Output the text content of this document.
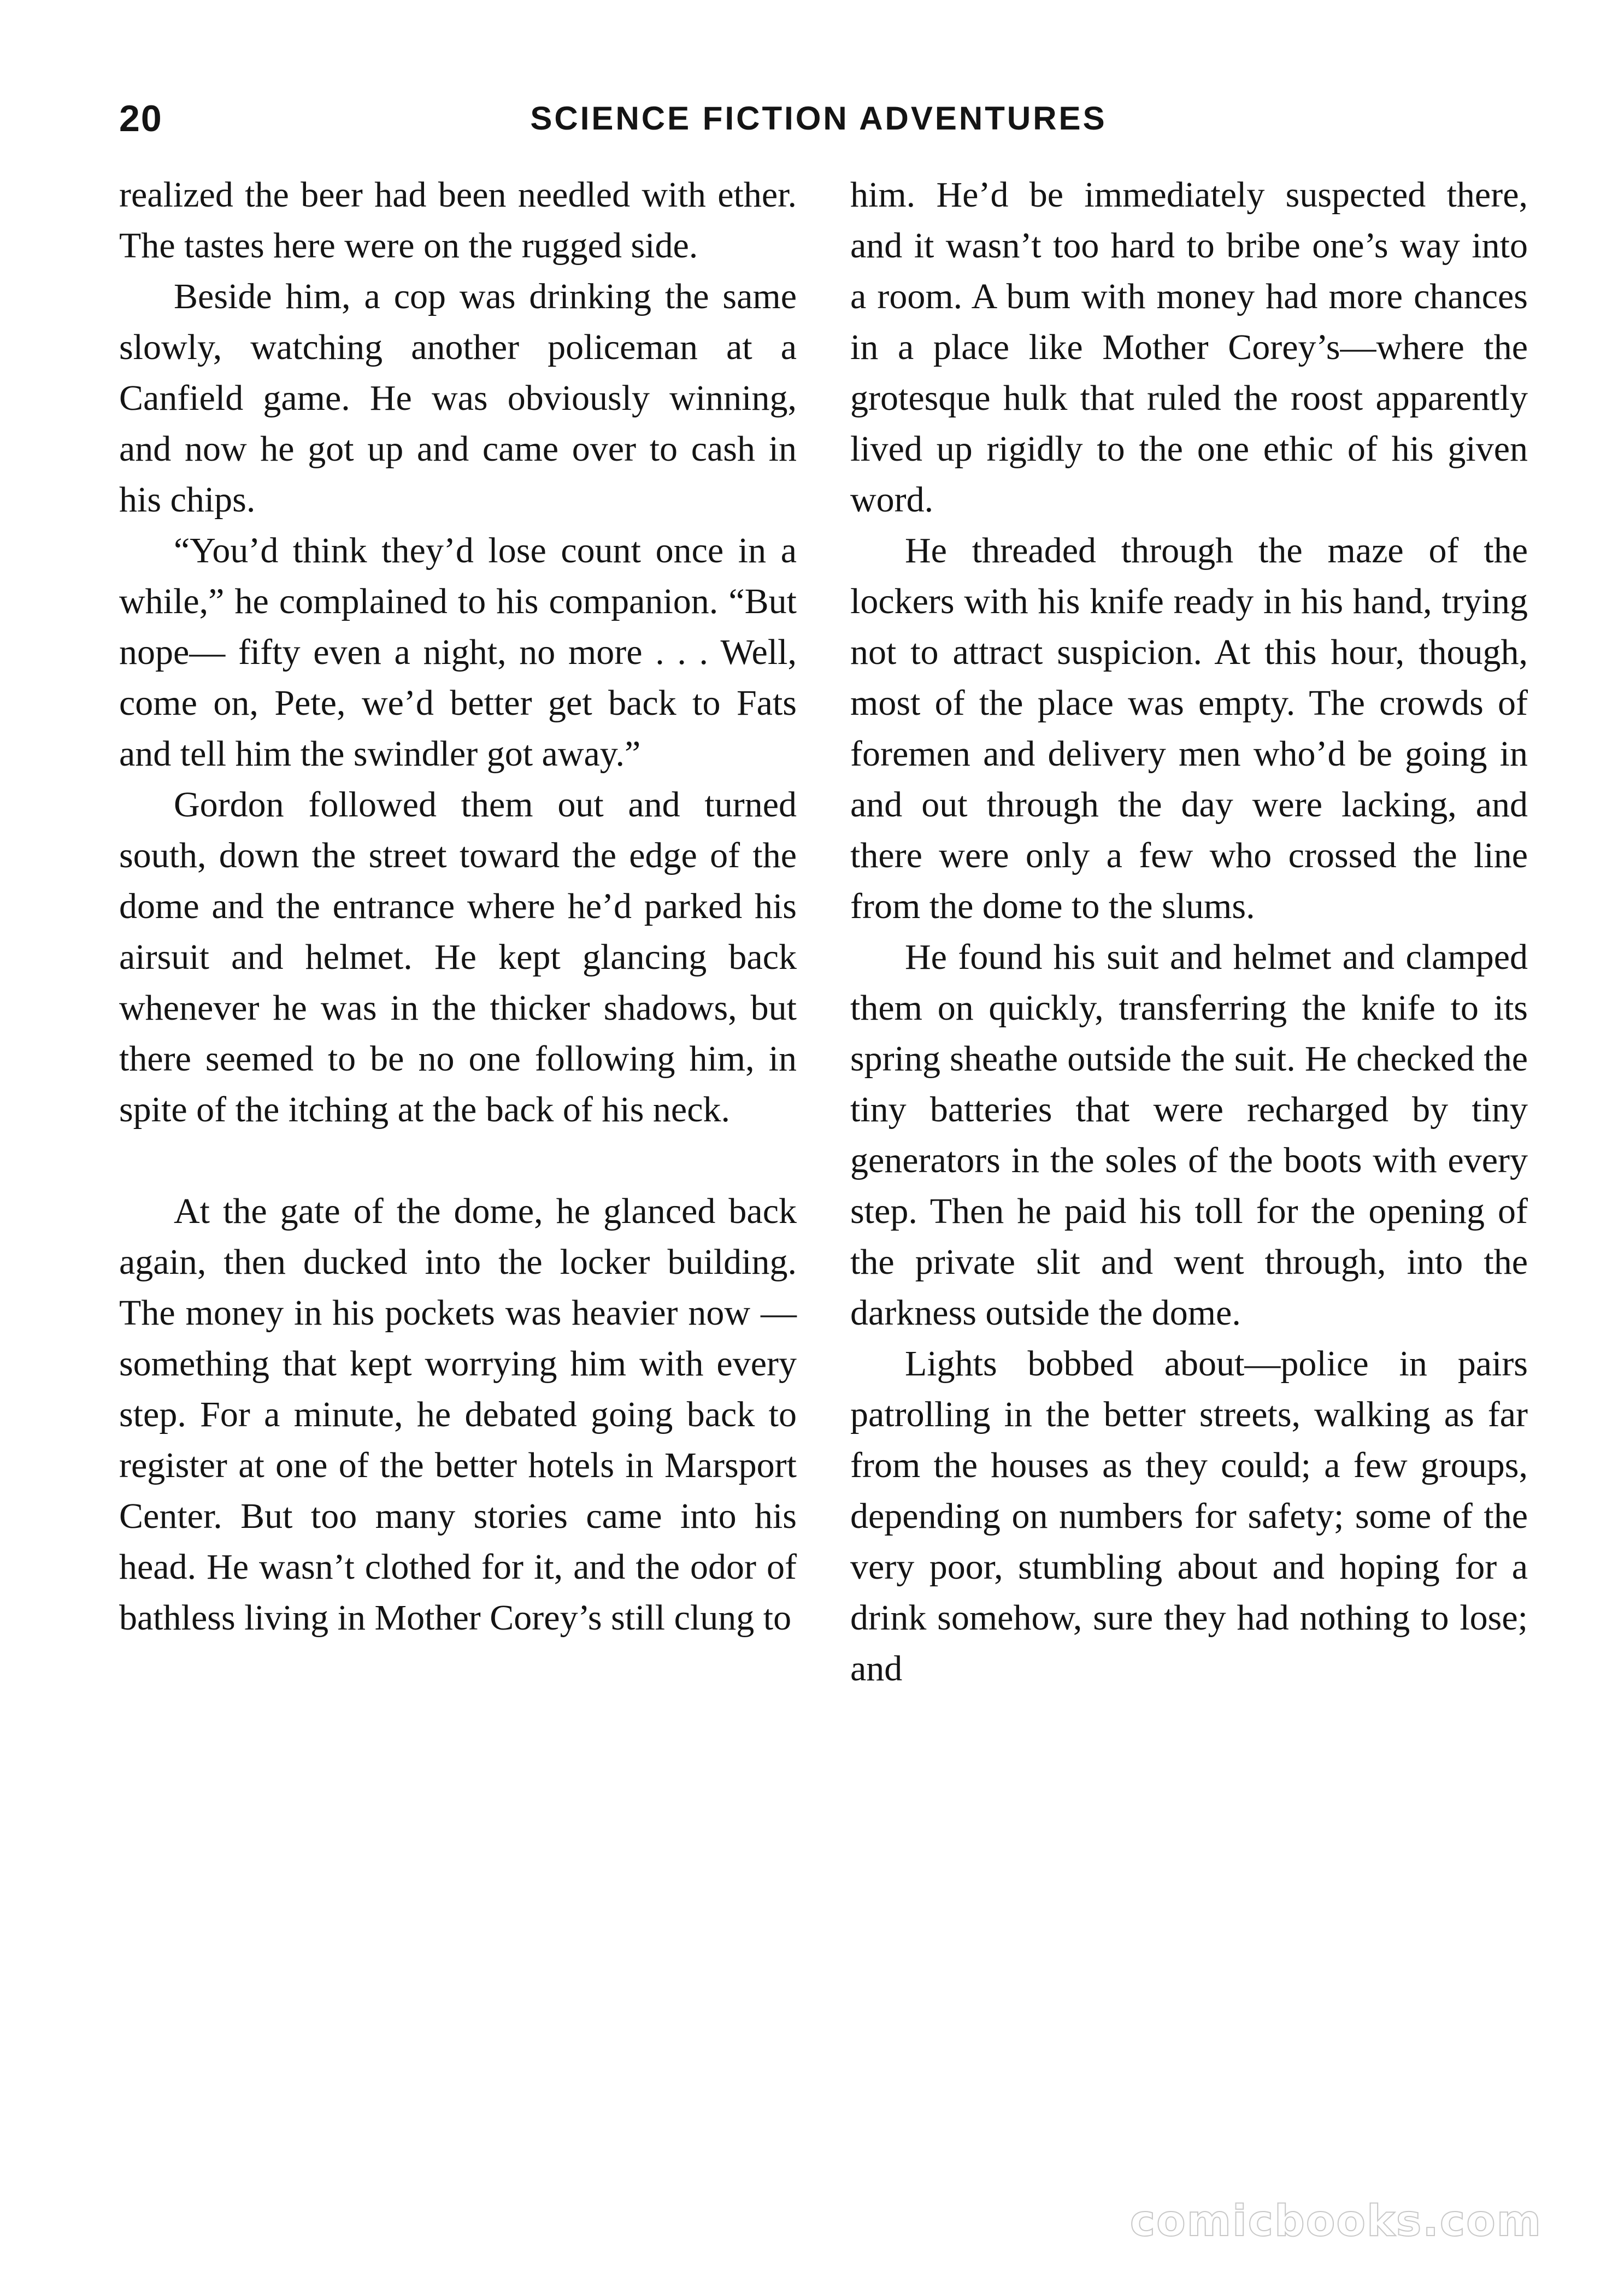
20	SCIENCE FICTION ADVENTURES

realized the beer had been needled with ether. The tastes here were on the rugged side.

Beside him, a cop was drinking the same slowly, watching another policeman at a Canfield game. He was obviously winning, and now he got up and came over to cash in his chips.

“You’d think they’d lose count once in a while,” he complained to his companion. “But nope— fifty even a night, no more . . . Well, come on, Pete, we’d better get back to Fats and tell him the swindler got away.”

Gordon followed them out and turned south, down the street toward the edge of the dome and the entrance where he’d parked his airsuit and helmet. He kept glancing back whenever he was in the thicker shadows, but there seemed to be no one following him, in spite of the itching at the back of his neck.

At the gate of the dome, he glanced back again, then ducked into the locker building. The money in his pockets was heavier now — something that kept worrying him with every step. For a minute, he debated going back to register at one of the better hotels in Marsport Center. But too many stories came into his head. He wasn’t clothed for it, and the odor of bathless living in Mother Corey’s still clung to

him. He’d be immediately suspected there, and it wasn’t too hard to bribe one’s way into a room. A bum with money had more chances in a place like Mother Corey’s—where the grotesque hulk that ruled the roost apparently lived up rigidly to the one ethic of his given word.

He threaded through the maze of the lockers with his knife ready in his hand, trying not to attract suspicion. At this hour, though, most of the place was empty. The crowds of foremen and delivery men who’d be going in and out through the day were lacking, and there were only a few who crossed the line from the dome to the slums.

He found his suit and helmet and clamped them on quickly, transferring the knife to its spring sheathe outside the suit. He checked the tiny batteries that were recharged by tiny generators in the soles of the boots with every step. Then he paid his toll for the opening of the private slit and went through, into the darkness outside the dome.

Lights bobbed about—police in pairs patrolling in the better streets, walking as far from the houses as they could; a few groups, depending on numbers for safety; some of the very poor, stumbling about and hoping for a drink somehow, sure they had nothing to lose; and

comicbooks.com
